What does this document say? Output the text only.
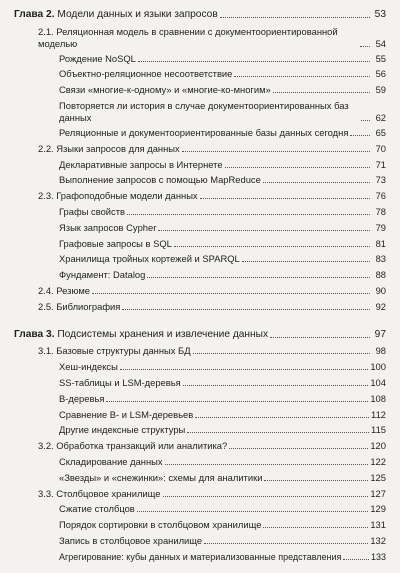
Глава 2. Модели данных и языки запросов	53
2.1. Реляционная модель в сравнении с документоориентированной моделью	54
Рождение NoSQL	55
Объектно-реляционное несоответствие	56
Связи «многие-к-одному» и «многие-ко-многим»	59
Повторяется ли история в случае документоориентированных баз данных	62
Реляционные и документоориентированные базы данных сегодня	65
2.2. Языки запросов для данных	70
Декларативные запросы в Интернете	71
Выполнение запросов с помощью MapReduce	73
2.3. Графоподобные модели данных	76
Графы свойств	78
Язык запросов Cypher	79
Графовые запросы в SQL	81
Хранилища тройных кортежей и SPARQL	83
Фундамент: Datalog	88
2.4. Резюме	90
2.5. Библиография	92
Глава 3. Подсистемы хранения и извлечение данных	97
3.1. Базовые структуры данных БД	98
Хеш-индексы	100
SS-таблицы и LSM-деревья	104
B-деревья	108
Сравнение B- и LSM-деревьев	112
Другие индексные структуры	115
3.2. Обработка транзакций или аналитика?	120
Складирование данных	122
«Звезды» и «снежинки»: схемы для аналитики	125
3.3. Столбцовое хранилище	127
Сжатие столбцов	129
Порядок сортировки в столбцовом хранилище	131
Запись в столбцовое хранилище	132
Агрегирование: кубы данных и материализованные представления	133
